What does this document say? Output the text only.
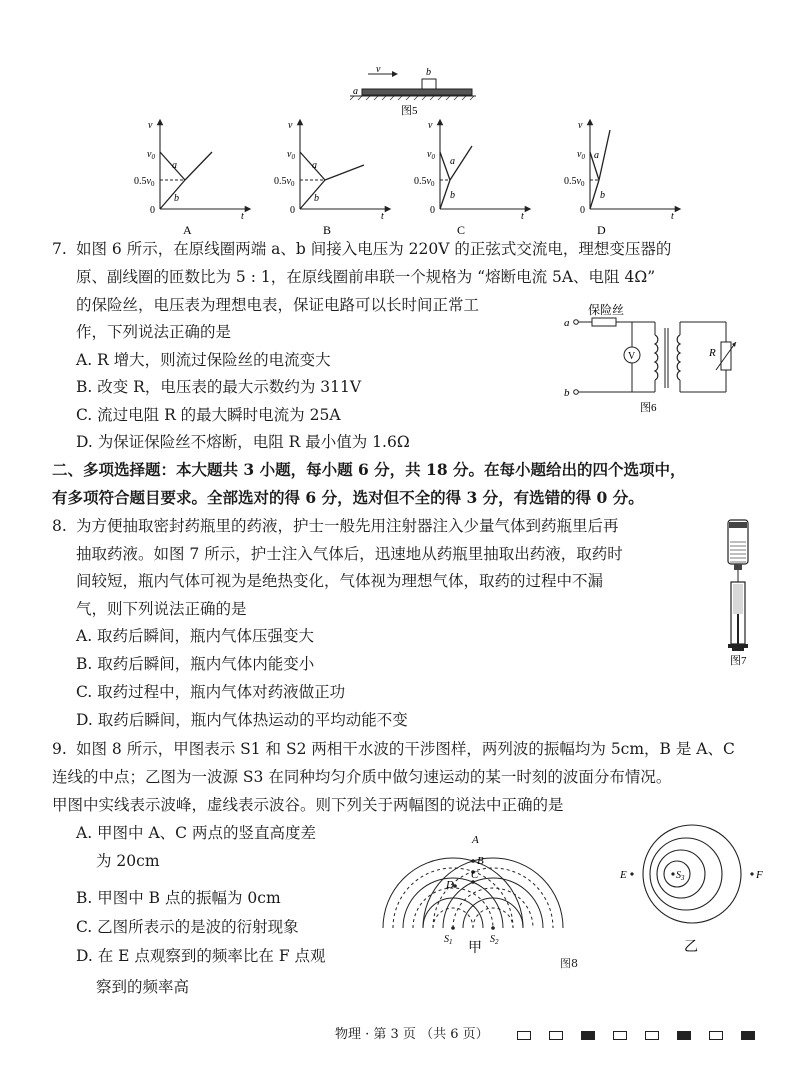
v	b
a
图5
v
$v_0$
$0.5v_0$
0
a
b
t
A
v
$v_0$
$0.5v_0$
0
a
b
t
B
v
$v_0$
$0.5v_0$
0
a
b
t
C
v
$v_0$
$0.5v_0$
0
a
b
t
D
7. 如图 6 所示，在原线圈两端 a、b 间接入电压为 220V 的正弦式交流电，理想变压器的
原、副线圈的匝数比为 5 : 1，在原线圈前串联一个规格为 “熔断电流 5A、电阻 4Ω”
的保险丝，电压表为理想电表，保证电路可以长时间正常工
作，下列说法正确的是
A. R 增大，则流过保险丝的电流变大
B. 改变 R，电压表的最大示数约为 311V
C. 流过电阻 R 的最大瞬时电流为 25A
D. 为保证保险丝不熔断，电阻 R 最小值为 1.6Ω
保险丝
a
b
V	R
图6
二、多项选择题：本大题共 3 小题，每小题 6 分，共 18 分。在每小题给出的四个选项中，
有多项符合题目要求。全部选对的得 6 分，选对但不全的得 3 分，有选错的得 0 分。
8. 为方便抽取密封药瓶里的药液，护士一般先用注射器注入少量气体到药瓶里后再
抽取药液。如图 7 所示，护士注入气体后，迅速地从药瓶里抽取出药液，取药时
间较短，瓶内气体可视为是绝热变化，气体视为理想气体，取药的过程中不漏
气，则下列说法正确的是
A. 取药后瞬间，瓶内气体压强变大
B. 取药后瞬间，瓶内气体内能变小
C. 取药过程中，瓶内气体对药液做正功
D. 取药后瞬间，瓶内气体热运动的平均动能不变
图7
9. 如图 8 所示，甲图表示 S1 和 S2 两相干水波的干涉图样，两列波的振幅均为 5cm，B 是 A、C
连线的中点；乙图为一波源 S3 在同种均匀介质中做匀速运动的某一时刻的波面分布情况。
甲图中实线表示波峰，虚线表示波谷。则下列关于两幅图的说法中正确的是
A. 甲图中 A、C 两点的竖直高度差
为 20cm
B. 甲图中 B 点的振幅为 0cm
C. 乙图所表示的是波的衍射现象
D. 在 E 点观察到的频率比在 F 点观
察到的频率高
A
B
C
D
$S_1$	$S_2$
甲
$S_3$
E	F
乙
图8
物理 · 第 3 页 （共 6 页）
